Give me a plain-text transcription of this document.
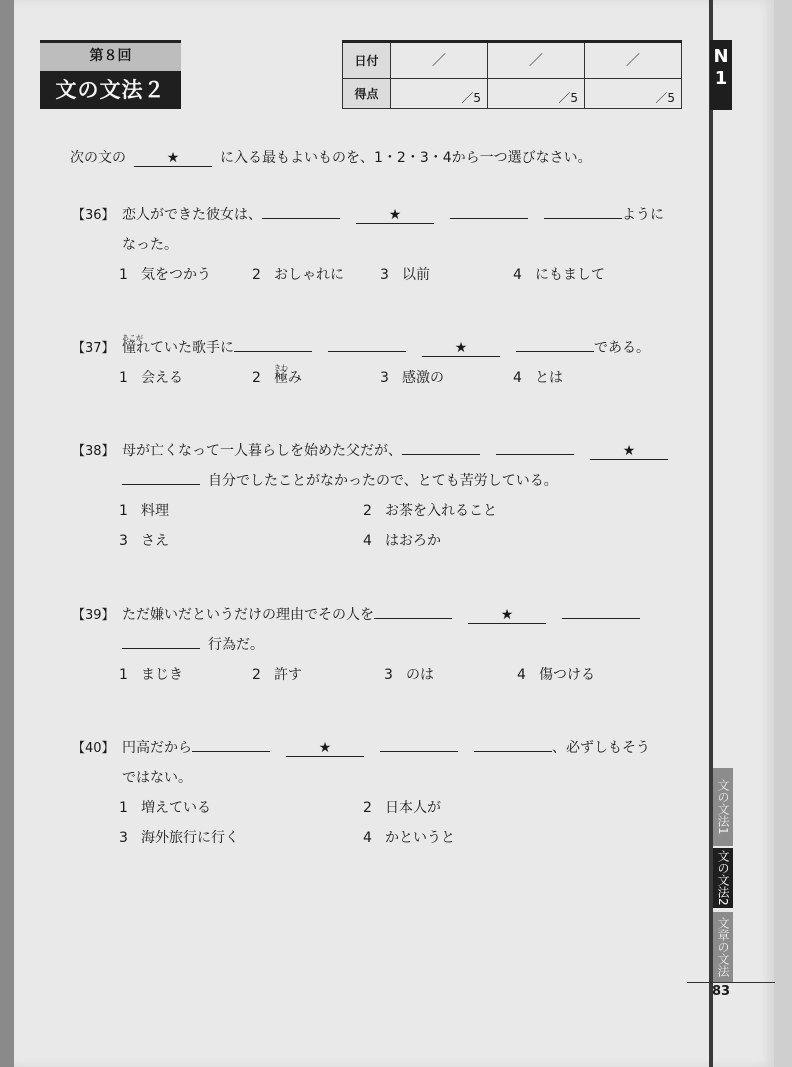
第８回
文の文法２
日付	／	／	／
得点	／5	／5	／5
N 1
次の文の	★	に入る最もよいものを、1・2・3・4から一つ選びなさい。
【36】 恋人ができた彼女は、	★	ように
なった。
1 気をつかう	2 おしゃれに	3 以前	4 にもまして
【37】
あこが
憧れていた歌手に	★	である。
1 会える	2
きわ
極み	3 感激の	4 とは
【38】 母が亡くなって一人暮らしを始めた父だが、	★
自分でしたことがなかったので、とても苦労している。
1 料理	2 お茶を入れること
3 さえ	4 はおろか
【39】 ただ嫌いだというだけの理由でその人を	★
行為だ。
1 まじき	2 許す	3 のは	4 傷つける
【40】 円高だから	★	、必ずしもそう
ではない。
1 増えている	2 日本人が
3 海外旅行に行く	4 かというと
文の文法1
文の文法2
文章の文法
83
